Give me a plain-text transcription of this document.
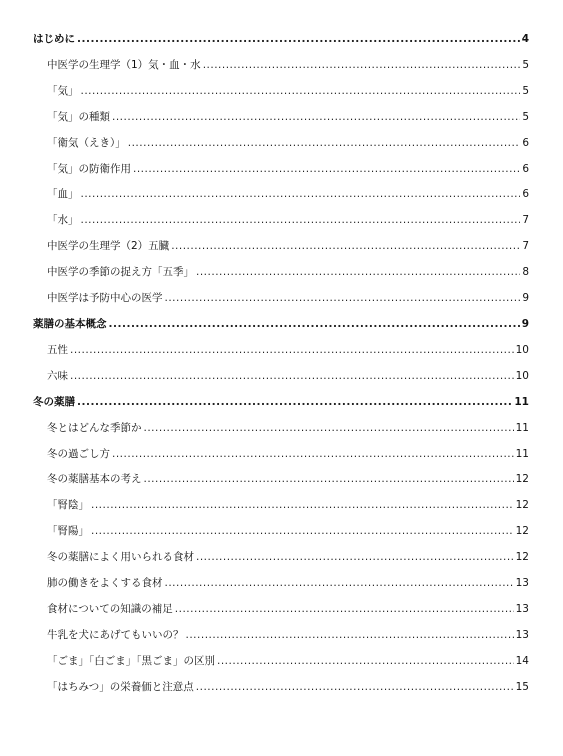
はじめに .....	4
中医学の生理学（1）気・血・水 .....	5
「気」 .....	5
「気」の種類 .....	5
「衛気（えき）」 .....	6
「気」の防衛作用 .....	6
「血」 .....	6
「水」 .....	7
中医学の生理学（2）五臓 .....	7
中医学の季節の捉え方「五季」 .....	8
中医学は予防中心の医学 .....	9
薬膳の基本概念 .....	9
五性 .....	10
六味 .....	10
冬の薬膳 .....	11
冬とはどんな季節か .....	11
冬の過ごし方 .....	11
冬の薬膳基本の考え .....	12
「腎陰」 .....	12
「腎陽」 .....	12
冬の薬膳によく用いられる食材 .....	12
肺の働きをよくする食材 .....	13
食材についての知識の補足 .....	13
牛乳を犬にあげてもいいの？ .....	13
「ごま」「白ごま」「黒ごま」の区別 .....	14
「はちみつ」の栄養価と注意点 .....	15
